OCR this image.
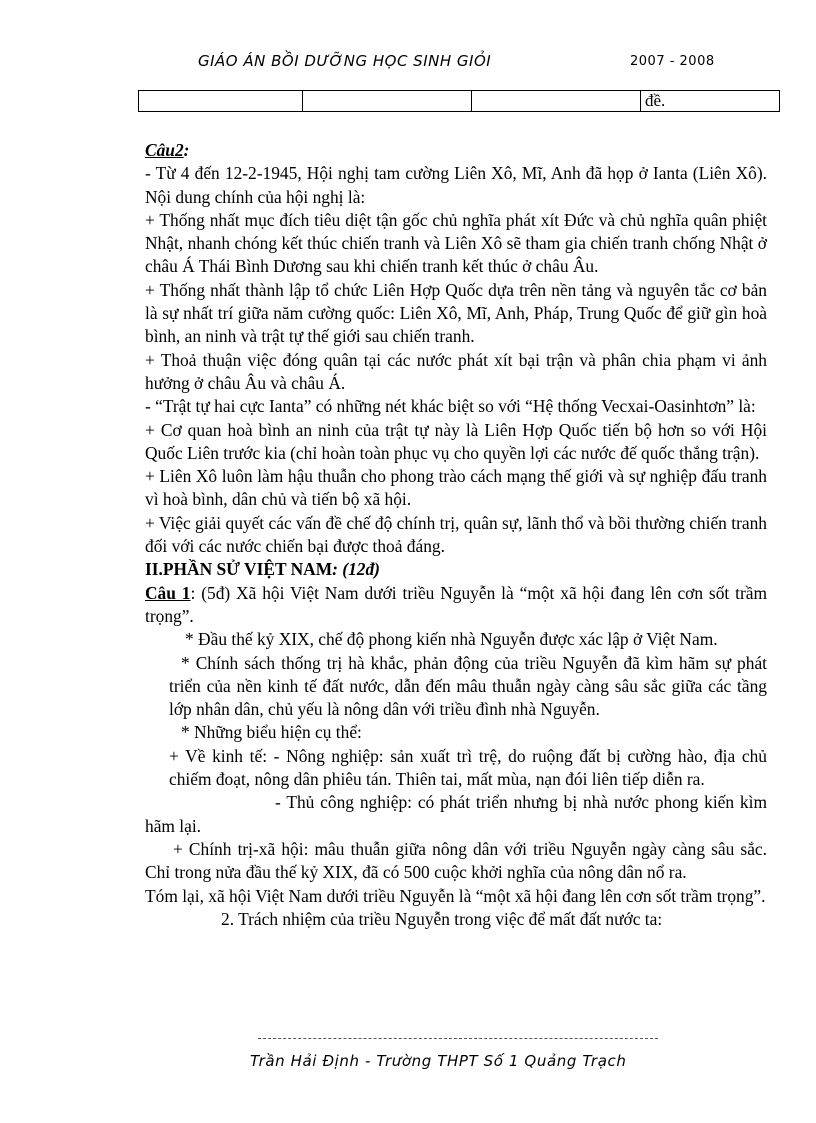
GIÁO ÁN BỒI DƯỠNG HỌC SINH GIỎI	2007 - 2008
			đề.

Câu2:

- Từ 4 đến 12-2-1945, Hội nghị tam cường Liên Xô, Mĩ, Anh đã họp ở Ianta (Liên Xô). Nội dung chính của hội nghị là:

+ Thống nhất mục đích tiêu diệt tận gốc chủ nghĩa phát xít Đức và chủ nghĩa quân phiệt Nhật, nhanh chóng kết thúc chiến tranh và Liên Xô sẽ tham gia chiến tranh chống Nhật ở châu Á Thái Bình Dương sau khi chiến tranh kết thúc ở châu Âu.

+ Thống nhất thành lập tổ chức Liên Hợp Quốc dựa trên nền tảng và nguyên tắc cơ bản là sự nhất trí giữa năm cường quốc: Liên Xô, Mĩ, Anh, Pháp, Trung Quốc để giữ gìn hoà bình, an ninh và trật tự thế giới sau chiến tranh.

+ Thoả thuận việc đóng quân tại các nước phát xít bại trận và phân chia phạm vi ảnh hưởng ở châu Âu và châu Á.

- “Trật tự hai cực Ianta” có những nét khác biệt so với “Hệ thống Vecxai-Oasinhtơn” là:

+ Cơ quan hoà bình an ninh của trật tự này là Liên Hợp Quốc tiến bộ hơn so với Hội Quốc Liên trước kia (chỉ hoàn toàn phục vụ cho quyền lợi các nước đế quốc thắng trận).

+ Liên Xô luôn làm hậu thuẫn cho phong trào cách mạng thế giới và sự nghiệp đấu tranh vì hoà bình, dân chủ và tiến bộ xã hội.

+ Việc giải quyết các vấn đề chế độ chính trị, quân sự, lãnh thổ và bồi thường chiến tranh đối với các nước chiến bại được thoả đáng.

II.PHẦN SỬ VIỆT NAM: (12đ)

Câu 1: (5đ) Xã hội Việt Nam dưới triều Nguyễn là “một xã hội đang lên cơn sốt trầm trọng”.

* Đầu thế kỷ XIX, chế độ phong kiến nhà Nguyễn được xác lập ở Việt Nam.

* Chính sách thống trị hà khắc, phản động của triều Nguyễn đã kìm hãm sự phát triển của nền kinh tế đất nước, dẫn đến mâu thuẫn ngày càng sâu sắc giữa các tầng lớp nhân dân, chủ yếu là nông dân với triều đình nhà Nguyễn.

* Những biểu hiện cụ thể:

+ Về kinh tế: - Nông nghiệp: sản xuất trì trệ, do ruộng đất bị cường hào, địa chủ chiếm đoạt, nông dân phiêu tán. Thiên tai, mất mùa, nạn đói liên tiếp diễn ra.

- Thủ công nghiệp: có phát triển nhưng bị nhà nước phong kiến kìm hãm lại.

+ Chính trị-xã hội: mâu thuẫn giữa nông dân với triều Nguyễn ngày càng sâu sắc. Chỉ trong nửa đầu thế kỷ XIX, đã có 500 cuộc khởi nghĩa của nông dân nổ ra.

Tóm lại, xã hội Việt Nam dưới triều Nguyễn là “một xã hội đang lên cơn sốt trầm trọng”.

2. Trách nhiệm của triều Nguyễn trong việc để mất đất nước ta:

Trần Hải Định - Trường THPT Số 1 Quảng Trạch
